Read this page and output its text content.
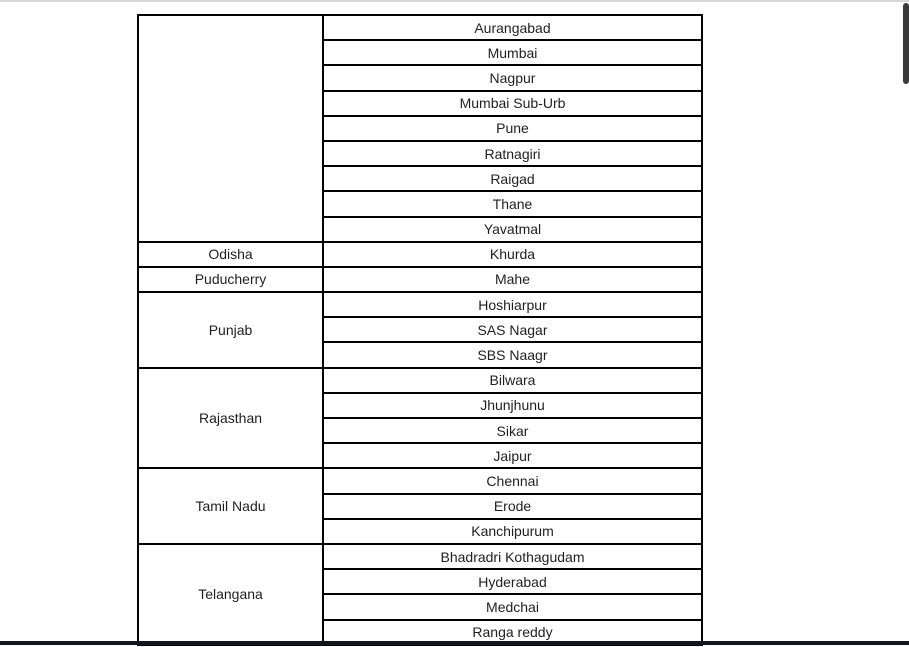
	Aurangabad
	Mumbai
	Nagpur
	Mumbai Sub-Urb
	Pune
	Ratnagiri
	Raigad
	Thane
	Yavatmal
Odisha	Khurda
Puducherry	Mahe
Punjab	Hoshiarpur
	SAS Nagar
	SBS Naagr
Rajasthan	Bilwara
	Jhunjhunu
	Sikar
	Jaipur
Tamil Nadu	Chennai
	Erode
	Kanchipurum
Telangana	Bhadradri Kothagudam
	Hyderabad
	Medchai
	Ranga reddy
